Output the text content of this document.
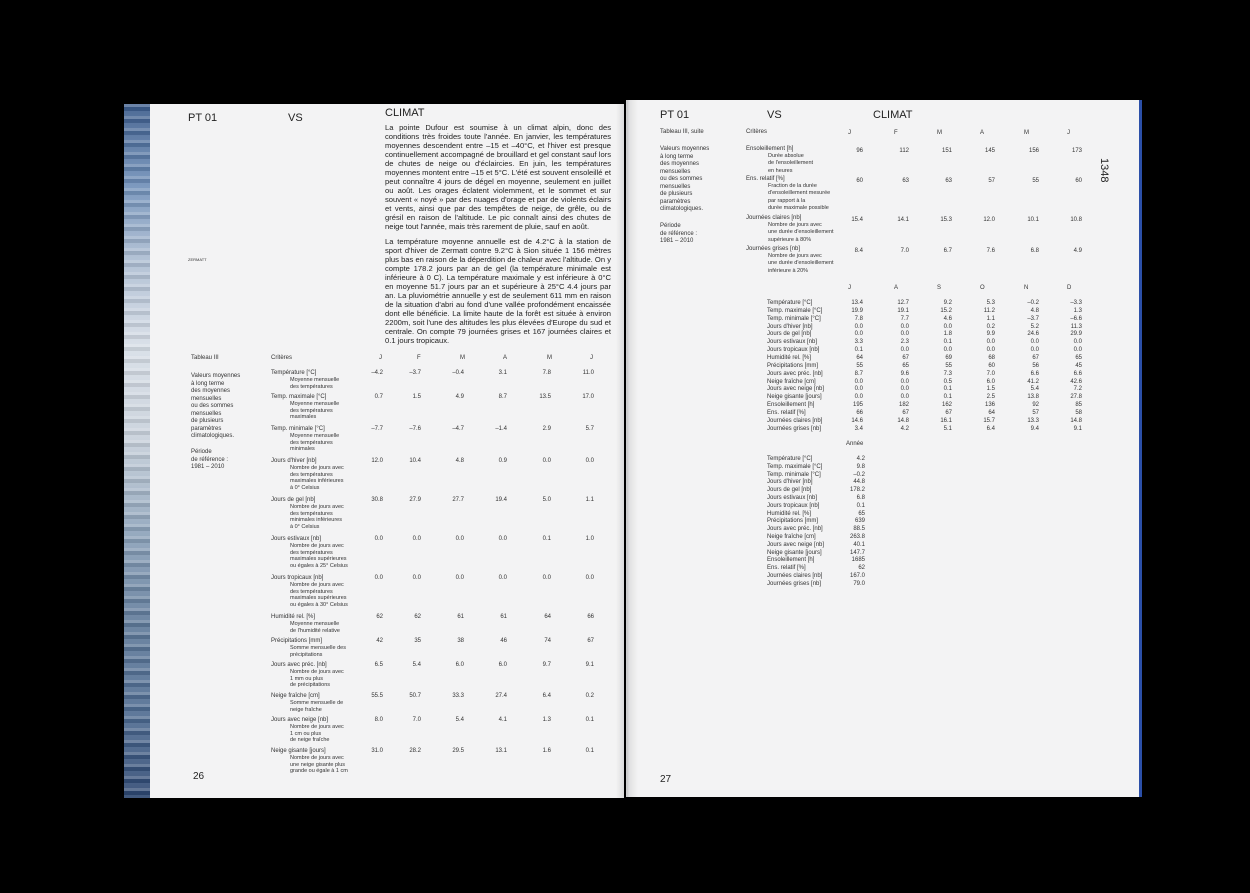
PT 01	VS	CLIMAT
La pointe Dufour est soumise à un climat alpin, donc des conditions très froides toute l'année. En janvier, les températures moyennes descendent entre –15 et –40°C, et l'hiver est presque continuellement accompagné de brouillard et gel constant sauf lors de chutes de neige ou d'éclaircies. En juin, les températures moyennes montent entre –15 et 5°C. L'été est souvent ensoleillé et peut connaître 4 jours de dégel en moyenne, seulement en juillet ou août. Les orages éclatent violemment, et le sommet et sur souvent « noyé » par des nuages d'orage et par de violents éclairs et vents, ainsi que par des tempêtes de neige, de grêle, ou de grésil en raison de l'altitude. Le pic connaît ainsi des chutes de neige tout l'année, mais très rarement de pluie, sauf en août.
La température moyenne annuelle est de 4.2°C à la station de sport d'hiver de Zermatt contre 9.2°C à Sion située 1 156 mètres plus bas en raison de la déperdition de chaleur avec l'altitude. On y compte 178.2 jours par an de gel (la température minimale est inférieure à 0 C). La température maximale y est inférieure à 0°C en moyenne 51.7 jours par an et supérieure à 25°C 4.4 jours par an. La pluviométrie annuelle y est de seulement 611 mm en raison de la situation d'abri au fond d'une vallée profondément encaissée dont elle bénéficie. La limite haute de la forêt est située à environ 2200m, soit l'une des altitudes les plus élevées d'Europe du sud et centrale. On compte 79 journées grises et 167 journées claires et 0.1 jours tropicaux.
ZERMATT
Tableau III	Critères
Valeurs moyennes
à long terme
des moyennes
mensuelles
ou des sommes
mensuelles
de plusieurs
paramètres
climatologiques.
Période
de référence :
1981 – 2010
26
PT 01	VS	CLIMAT
1348
Tableau III, suite	Critères
Valeurs moyennes
à long terme
des moyennes
mensuelles
ou des sommes
mensuelles
de plusieurs
paramètres
climatologiques.
Période
de référence :
1981 – 2010
Année
27
J	F	M	A	M	J
Température [°C]
Moyenne mensuelle
des températures
–4.2	–3.7	–0.4	3.1	7.8	11.0
Temp. maximale [°C]
Moyenne mensuelle
des températures
maximales
0.7	1.5	4.9	8.7	13.5	17.0
Temp. minimale [°C]
Moyenne mensuelle
des températures
minimales
–7.7	–7.6	–4.7	–1.4	2.9	5.7
Jours d'hiver [nb]
Nombre de jours avec
des températures
maximales inférieures
à 0° Celsius
12.0	10.4	4.8	0.9	0.0	0.0
Jours de gel [nb]
Nombre de jours avec
des températures
minimales inférieures
à 0° Celsius
30.8	27.9	27.7	19.4	5.0	1.1
Jours estivaux [nb]
Nombre de jours avec
des températures
maximales supérieures
ou égales à 25° Celsius
0.0	0.0	0.0	0.0	0.1	1.0
Jours tropicaux [nb]
Nombre de jours avec
des températures
maximales supérieures
ou égales à 30° Celsius
0.0	0.0	0.0	0.0	0.0	0.0
Humidité rel. [%]
Moyenne mensuelle
de l'humidité relative
62	62	61	61	64	66
Précipitations [mm]
Somme mensuelle des
précipitations
42	35	38	46	74	67
Jours avec préc. [nb]
Nombre de jours avec
1 mm ou plus
de précipitations
6.5	5.4	6.0	6.0	9.7	9.1
Neige fraîche [cm]
Somme mensuelle de
neige fraîche
55.5	50.7	33.3	27.4	6.4	0.2
Jours avec neige [nb]
Nombre de jours avec
1 cm ou plus
de neige fraîche
8.0	7.0	5.4	4.1	1.3	0.1
Neige gisante [jours]
Nombre de jours avec
une neige gisante plus
grande ou égale à 1 cm
31.0	28.2	29.5	13.1	1.6	0.1
J	F	M	A	M	J
Ensoleillement [h]
Durée absolue
de l'ensoleillement
en heures
96	112	151	145	156	173
Ens. relatif [%]
Fraction de la durée
d'ensoleillement mesurée
par rapport à la
durée maximale possible
60	63	63	57	55	60
Journées claires [nb]
Nombre de jours avec
une durée d'ensoleillement
supérieure à 80%
15.4	14.1	15.3	12.0	10.1	10.8
Journées grises [nb]
Nombre de jours avec
une durée d'ensoleillement
inférieure à 20%
8.4	7.0	6.7	7.6	6.8	4.9
J	A	S	O	N	D
Température [°C]	13.4	12.7	9.2	5.3	–0.2	–3.3
Temp. maximale [°C]	19.9	19.1	15.2	11.2	4.8	1.3
Temp. minimale [°C]	7.8	7.7	4.6	1.1	–3.7	–6.6
Jours d'hiver [nb]	0.0	0.0	0.0	0.2	5.2	11.3
Jours de gel [nb]	0.0	0.0	1.8	9.9	24.6	29.9
Jours estivaux [nb]	3.3	2.3	0.1	0.0	0.0	0.0
Jours tropicaux [nb]	0.1	0.0	0.0	0.0	0.0	0.0
Humidité rel. [%]	64	67	69	68	67	65
Précipitations [mm]	55	65	55	60	56	45
Jours avec préc. [nb]	8.7	9.6	7.3	7.0	6.6	6.6
Neige fraîche [cm]	0.0	0.0	0.5	6.0	41.2	42.6
Jours avec neige [nb]	0.0	0.0	0.1	1.5	5.4	7.2
Neige gisante [jours]	0.0	0.0	0.1	2.5	13.8	27.8
Ensoleillement [h]	195	182	162	136	92	85
Ens. relatif [%]	66	67	67	64	57	58
Journées claires [nb]	14.6	14.8	16.1	15.7	13.3	14.8
Journées grises [nb]	3.4	4.2	5.1	6.4	9.4	9.1
Température [°C]	4.2
Temp. maximale [°C]	9.8
Temp. minimale [°C]	–0.2
Jours d'hiver [nb]	44.8
Jours de gel [nb]	178.2
Jours estivaux [nb]	6.8
Jours tropicaux [nb]	0.1
Humidité rel. [%]	65
Précipitations [mm]	639
Jours avec préc. [nb]	88.5
Neige fraîche [cm]	263.8
Jours avec neige [nb]	40.1
Neige gisante [jours]	147.7
Ensoleillement [h]	1685
Ens. relatif [%]	62
Journées claires [nb]	167.0
Journées grises [nb]	79.0
